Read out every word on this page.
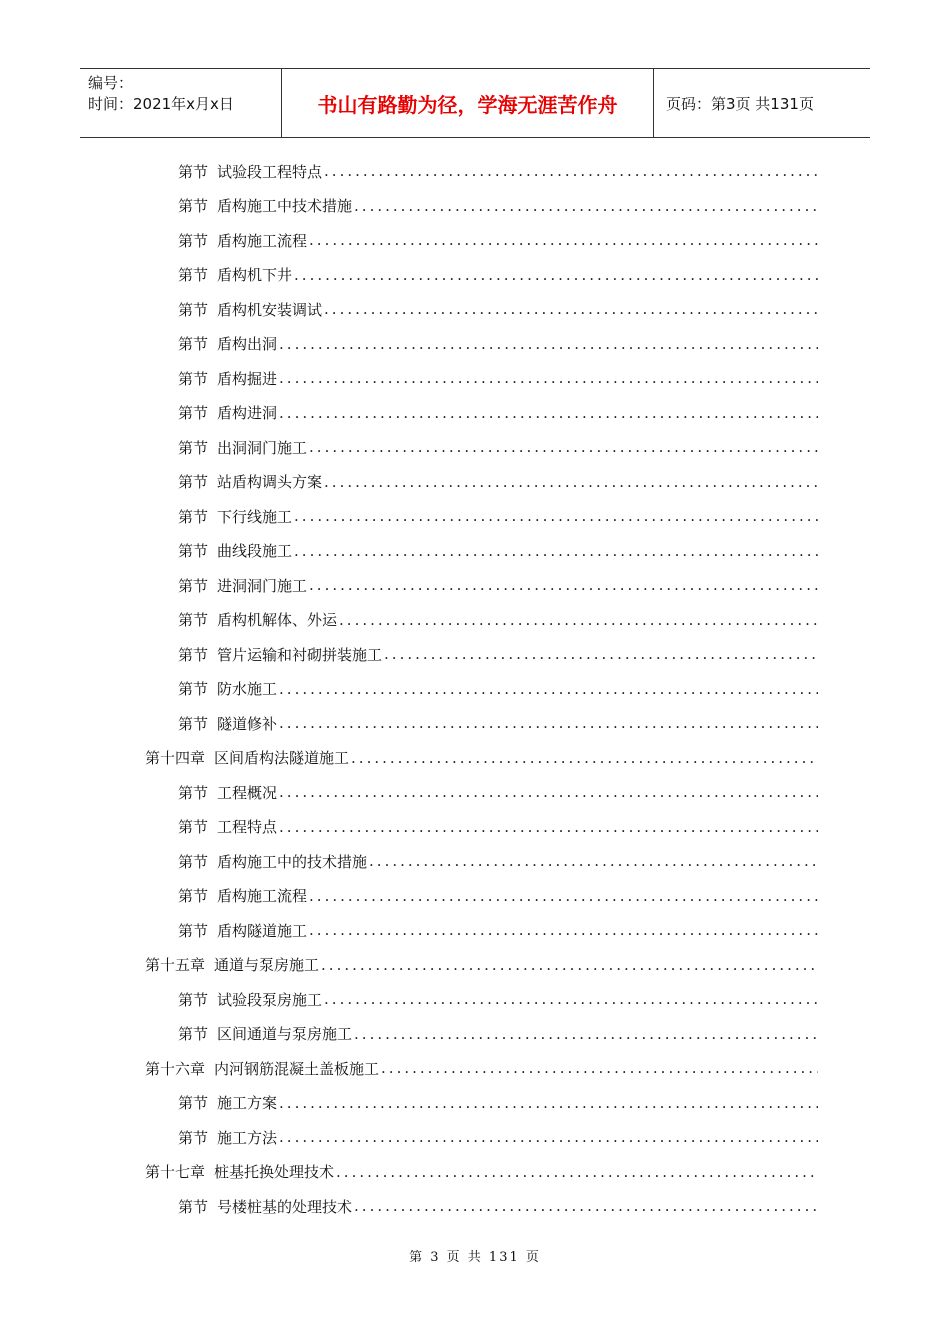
编号：
时间：2021年x月x日	书山有路勤为径，学海无涯苦作舟	页码：第3页 共131页
第节 试验段工程特点
.....
第节 盾构施工中技术措施
.....
第节 盾构施工流程
.....
第节 盾构机下井
.....
第节 盾构机安装调试
.....
第节 盾构出洞
.....
第节 盾构掘进
.....
第节 盾构进洞
.....
第节 出洞洞门施工
.....
第节 站盾构调头方案
.....
第节 下行线施工
.....
第节 曲线段施工
.....
第节 进洞洞门施工
.....
第节 盾构机解体、外运
.....
第节 管片运输和衬砌拼装施工
.....
第节 防水施工
.....
第节 隧道修补
.....
第十四章 区间盾构法隧道施工
.....
第节 工程概况
.....
第节 工程特点
.....
第节 盾构施工中的技术措施
.....
第节 盾构施工流程
.....
第节 盾构隧道施工
.....
第十五章 通道与泵房施工
.....
第节 试验段泵房施工
.....
第节 区间通道与泵房施工
.....
第十六章 内河钢筋混凝土盖板施工
.....
第节 施工方案
.....
第节 施工方法
.....
第十七章 桩基托换处理技术
.....
第节 号楼桩基的处理技术
.....
第 3 页 共 131 页
